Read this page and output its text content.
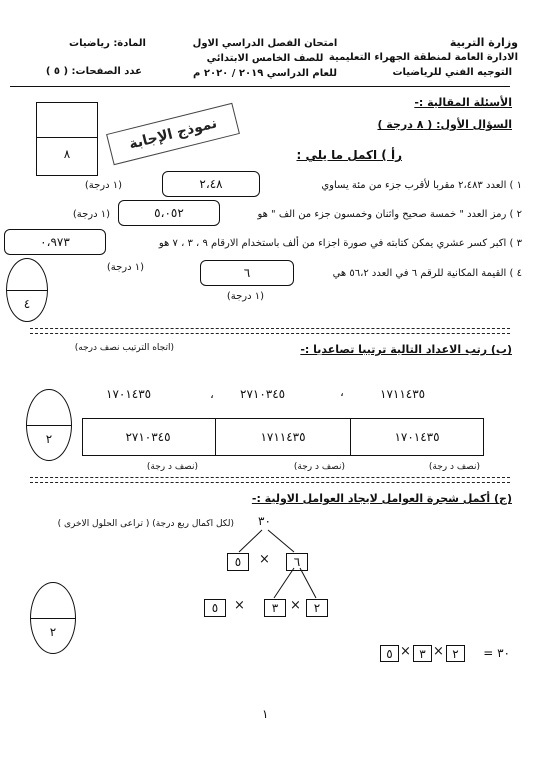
وزارة التربية
الادارة العامة لمنطقة الجهراء التعليمية
التوجيه الفني للرياضيات
امتحان الفصل الدراسي الاول
للصف الخامس الابتدائي
للعام الدراسي ٢٠١٩ / ٢٠٢٠ م
المادة: رياضيات
عدد الصفحات: ( ٥ )
الأسئلة المقالية :-
السؤال الأول: ( ٨ درجة )
٨
نموذج الإجابة
رأ ) اكمل ما يلي :
١ ) العدد ٢،٤٨٣ مقربا لأقرب جزء من مئة يساوي
٢،٤٨
(١ درجة)
٢ ) رمز العدد " خمسة صحيح واثنان وخمسون جزء من الف " هو
٥،٠٥٢
(١ درجة)
٣ ) اكبر كسر عشري يمكن كتابته في صورة اجزاء من ألف باستخدام الارقام ٩ ، ٣ ، ٧ هو
٠،٩٧٣
(١ درجة)
٤ ) القيمة المكانية للرقم ٦ في العدد ٥٦،٢ هي
٦
(١ درجة)
٤
(ب) رتب الاعداد التالية ترتيبا تصاعديا :-
(اتجاه الترتيب نصف درجه)
١٧١١٤٣٥
،
٢٧١٠٣٤٥
،
١٧٠١٤٣٥
٢٧١٠٣٤٥	١٧١١٤٣٥	١٧٠١٤٣٥
(نصف د رجة)
(نصف د رجة)
(نصف د رجة)
٢
(ج) أكمل شجرة العوامل لايجاد العوامل الاولية :-
(لكل اكمال ربع درجة) ( تراعى الحلول الاخرى ) ٣٠
٥ × ٦
٥ × ٣ × ٢
٥ × ٣ × ٢	٣٠ =
٢
١
